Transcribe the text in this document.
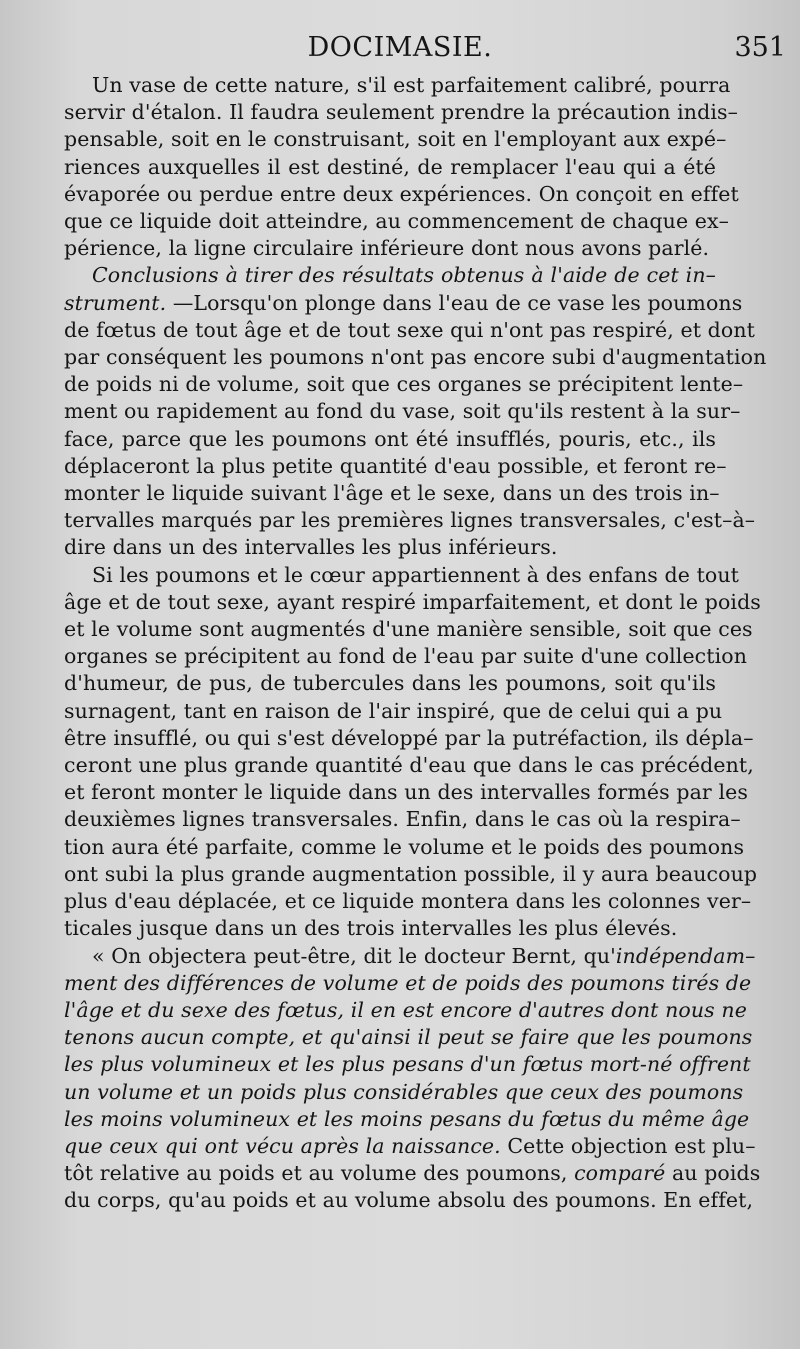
DOCIMASIE.	351

Un vase de cette nature, s'il est parfaitement calibré, pourra
servir d'étalon. Il faudra seulement prendre la précaution indis–
pensable, soit en le construisant, soit en l'employant aux expé–
riences auxquelles il est destiné, de remplacer l'eau qui a été
évaporée ou perdue entre deux expériences. On conçoit en effet
que ce liquide doit atteindre, au commencement de chaque ex–
périence, la ligne circulaire inférieure dont nous avons parlé.

Conclusions à tirer des résultats obtenus à l'aide de cet in–
strument. —Lorsqu'on plonge dans l'eau de ce vase les poumons
de fœtus de tout âge et de tout sexe qui n'ont pas respiré, et dont
par conséquent les poumons n'ont pas encore subi d'augmentation
de poids ni de volume, soit que ces organes se précipitent lente–
ment ou rapidement au fond du vase, soit qu'ils restent à la sur–
face, parce que les poumons ont été insufflés, pouris, etc., ils
déplaceront la plus petite quantité d'eau possible, et feront re–
monter le liquide suivant l'âge et le sexe, dans un des trois in–
tervalles marqués par les premières lignes transversales, c'est–à–
dire dans un des intervalles les plus inférieurs.

Si les poumons et le cœur appartiennent à des enfans de tout
âge et de tout sexe, ayant respiré imparfaitement, et dont le poids
et le volume sont augmentés d'une manière sensible, soit que ces
organes se précipitent au fond de l'eau par suite d'une collection
d'humeur, de pus, de tubercules dans les poumons, soit qu'ils
surnagent, tant en raison de l'air inspiré, que de celui qui a pu
être insufflé, ou qui s'est développé par la putréfaction, ils dépla–
ceront une plus grande quantité d'eau que dans le cas précédent,
et feront monter le liquide dans un des intervalles formés par les
deuxièmes lignes transversales. Enfin, dans le cas où la respira–
tion aura été parfaite, comme le volume et le poids des poumons
ont subi la plus grande augmentation possible, il y aura beaucoup
plus d'eau déplacée, et ce liquide montera dans les colonnes ver–
ticales jusque dans un des trois intervalles les plus élevés.

« On objectera peut-être, dit le docteur Bernt, qu'indépendam–
ment des différences de volume et de poids des poumons tirés de
l'âge et du sexe des fœtus, il en est encore d'autres dont nous ne
tenons aucun compte, et qu'ainsi il peut se faire que les poumons
les plus volumineux et les plus pesans d'un fœtus mort-né offrent
un volume et un poids plus considérables que ceux des poumons
les moins volumineux et les moins pesans du fœtus du même âge
que ceux qui ont vécu après la naissance. Cette objection est plu–
tôt relative au poids et au volume des poumons, comparé au poids
du corps, qu'au poids et au volume absolu des poumons. En effet,
